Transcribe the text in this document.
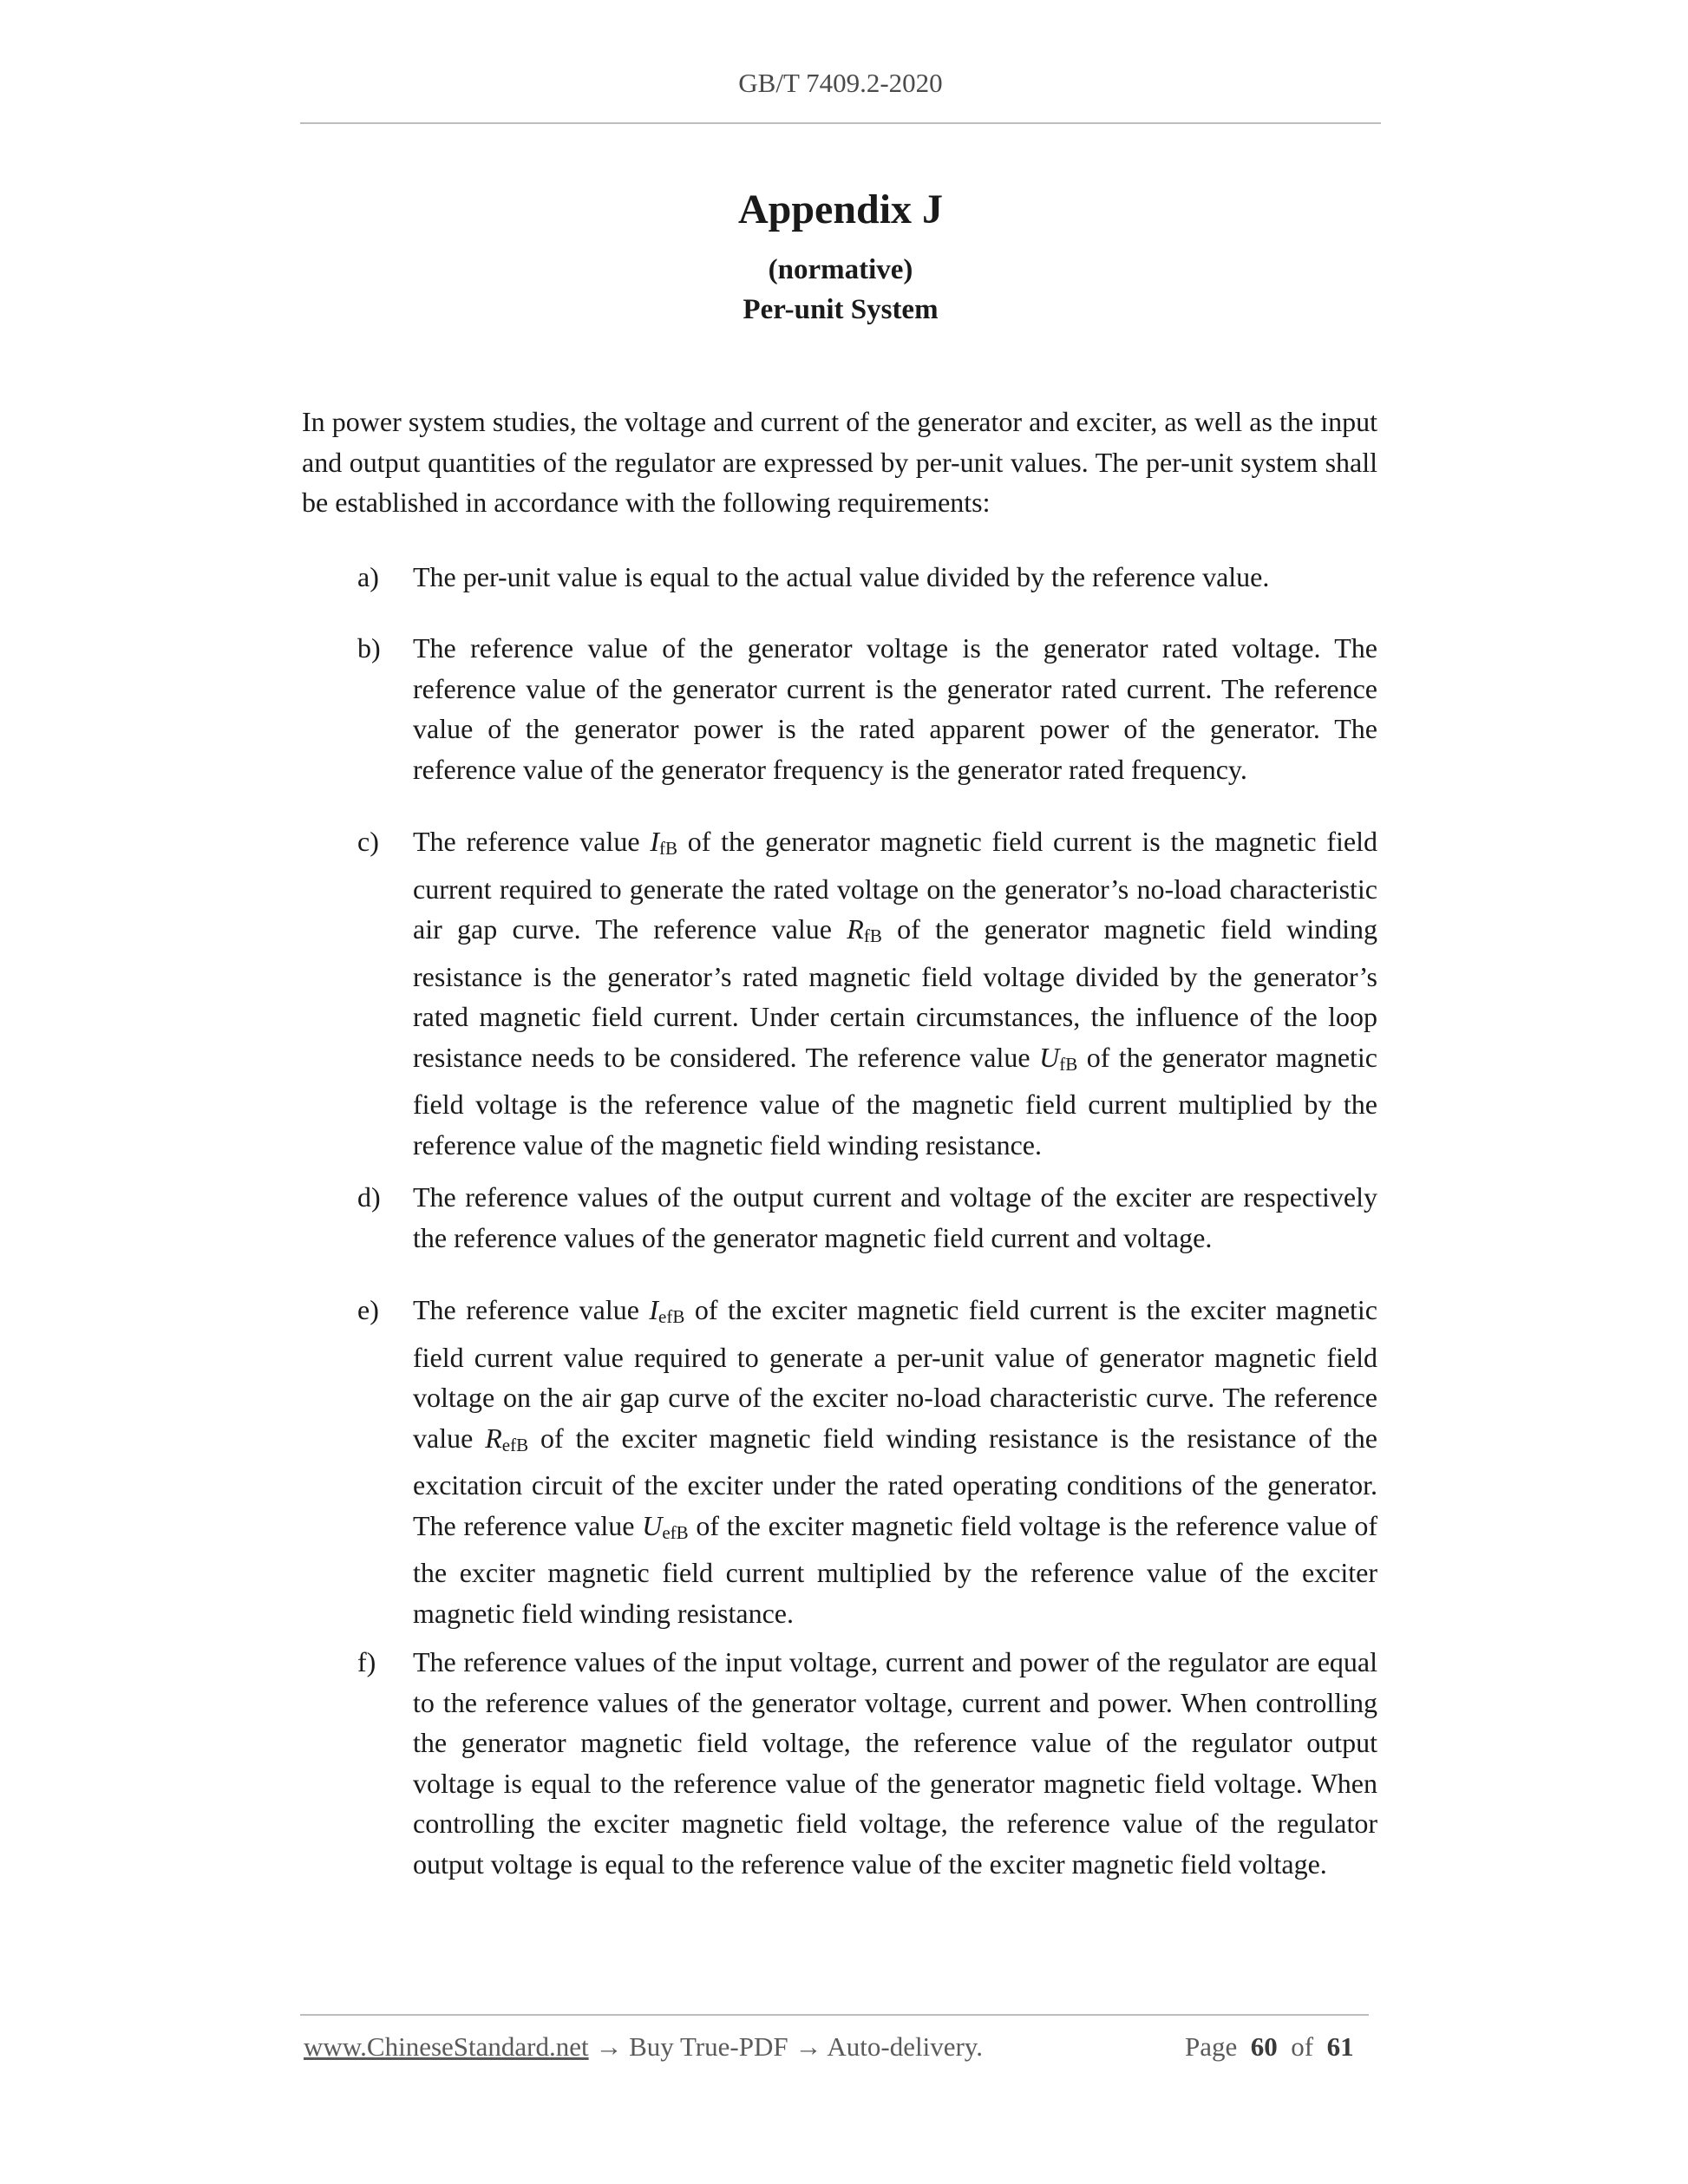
GB/T 7409.2-2020
Appendix J
(normative)
Per-unit System
In power system studies, the voltage and current of the generator and exciter, as well as the input and output quantities of the regulator are expressed by per-unit values. The per-unit system shall be established in accordance with the following requirements:
a)	The per-unit value is equal to the actual value divided by the reference value.
b)	The reference value of the generator voltage is the generator rated voltage. The reference value of the generator current is the generator rated current. The reference value of the generator power is the rated apparent power of the generator. The reference value of the generator frequency is the generator rated frequency.
c)	The reference value IfB of the generator magnetic field current is the magnetic field current required to generate the rated voltage on the generator’s no-load characteristic air gap curve. The reference value RfB of the generator magnetic field winding resistance is the generator’s rated magnetic field voltage divided by the generator’s rated magnetic field current. Under certain circumstances, the influence of the loop resistance needs to be considered. The reference value UfB of the generator magnetic field voltage is the reference value of the magnetic field current multiplied by the reference value of the magnetic field winding resistance.
d)	The reference values of the output current and voltage of the exciter are respectively the reference values of the generator magnetic field current and voltage.
e)	The reference value IefB of the exciter magnetic field current is the exciter magnetic field current value required to generate a per-unit value of generator magnetic field voltage on the air gap curve of the exciter no-load characteristic curve. The reference value RefB of the exciter magnetic field winding resistance is the resistance of the excitation circuit of the exciter under the rated operating conditions of the generator. The reference value UefB of the exciter magnetic field voltage is the reference value of the exciter magnetic field current multiplied by the reference value of the exciter magnetic field winding resistance.
f)	The reference values of the input voltage, current and power of the regulator are equal to the reference values of the generator voltage, current and power. When controlling the generator magnetic field voltage, the reference value of the regulator output voltage is equal to the reference value of the generator magnetic field voltage. When controlling the exciter magnetic field voltage, the reference value of the regulator output voltage is equal to the reference value of the exciter magnetic field voltage.
www.ChineseStandard.net → Buy True-PDF → Auto-delivery.	Page 60 of 61
